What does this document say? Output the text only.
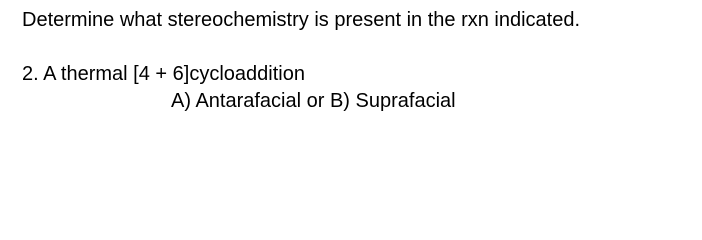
Determine what stereochemistry is present in the rxn indicated.
2. A thermal [4 + 6]cycloaddition
A) Antarafacial or B) Suprafacial
